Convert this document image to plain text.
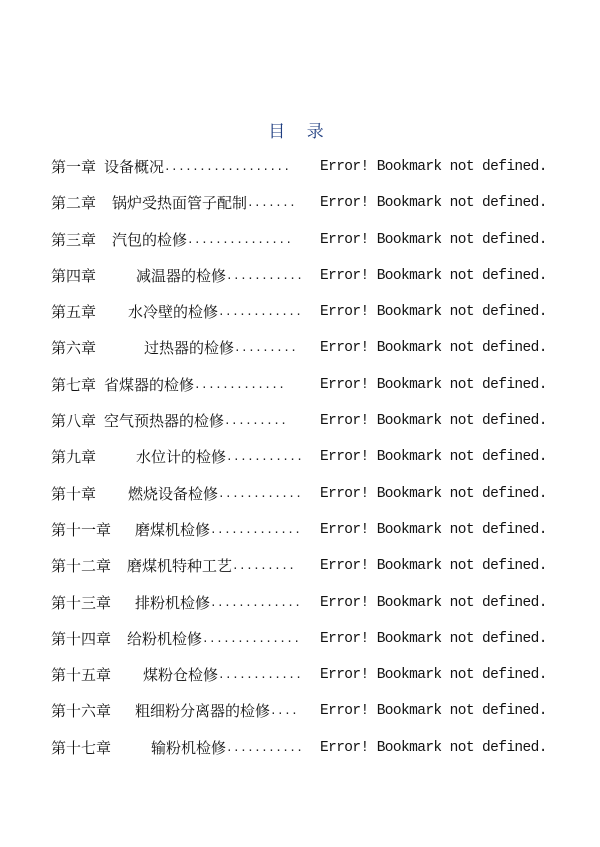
目 录
第一章 设备概况 ..................	Error! Bookmark not defined.
第二章 锅炉受热面管子配制 .......	Error! Bookmark not defined.
第三章 汽包的检修 ...............	Error! Bookmark not defined.
第四章	减温器的检修 ...........	Error! Bookmark not defined.
第五章 水冷壁的检修 ............	Error! Bookmark not defined.
第六章	过热器的检修 .........	Error! Bookmark not defined.
第七章 省煤器的检修 .............	Error! Bookmark not defined.
第八章 空气预热器的检修 .........	Error! Bookmark not defined.
第九章	水位计的检修 ...........	Error! Bookmark not defined.
第十章 燃烧设备检修 ............	Error! Bookmark not defined.
第十一章 磨煤机检修 .............	Error! Bookmark not defined.
第十二章 磨煤机特种工艺 .........	Error! Bookmark not defined.
第十三章 排粉机检修 .............	Error! Bookmark not defined.
第十四章 给粉机检修 ..............	Error! Bookmark not defined.
第十五章 煤粉仓检修 ............	Error! Bookmark not defined.
第十六章 粗细粉分离器的检修 ....	Error! Bookmark not defined.
第十七章	输粉机检修 ...........	Error! Bookmark not defined.
